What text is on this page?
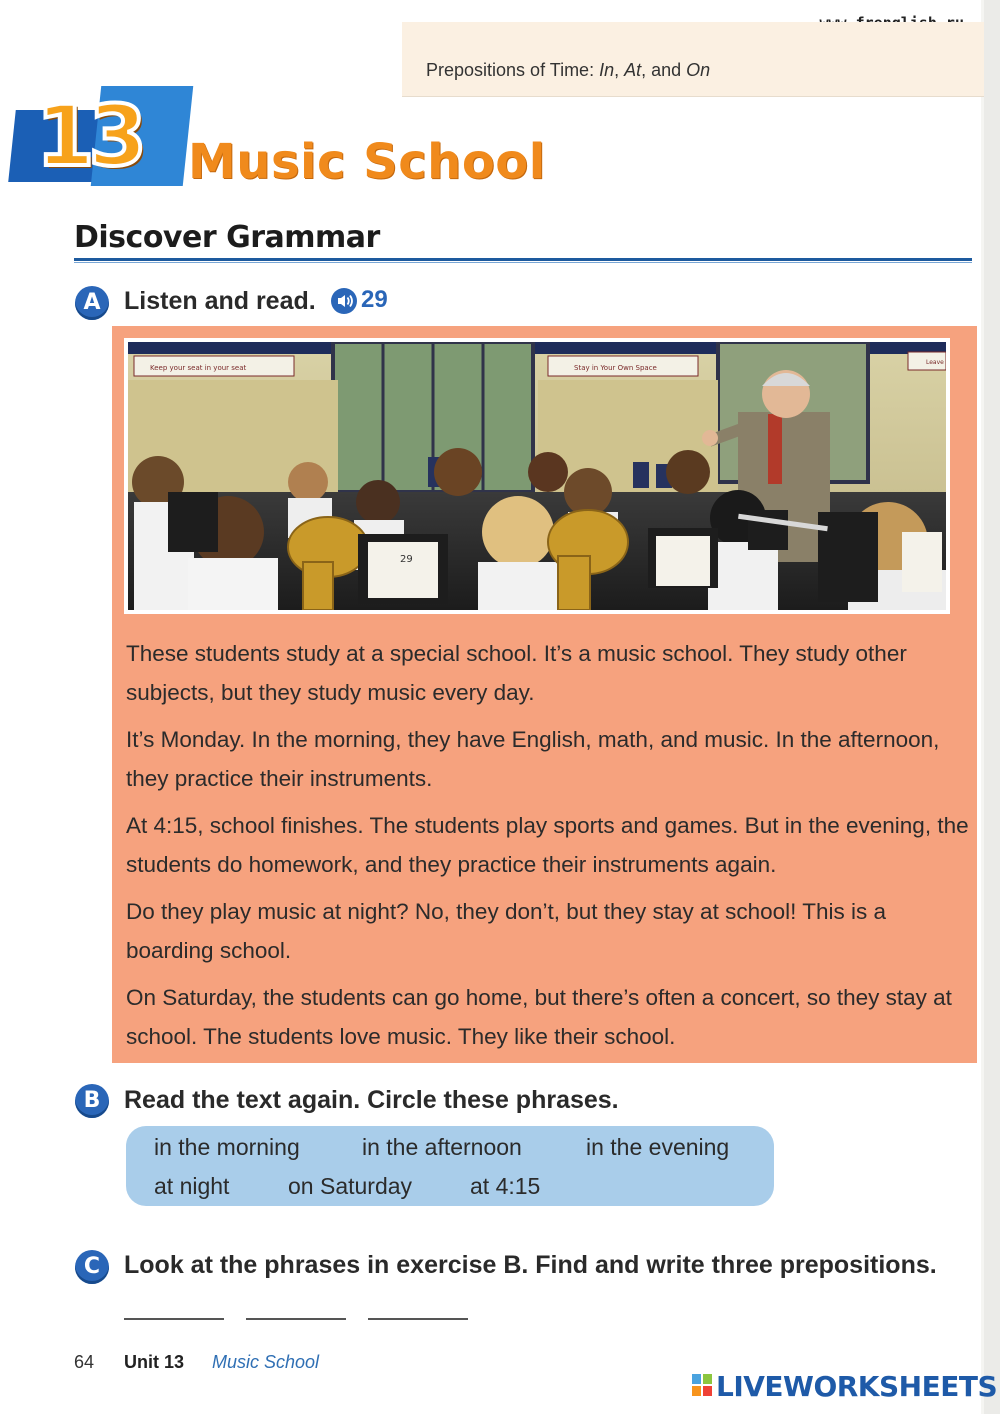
Prepositions of Time: In, At, and On
13 Music School
Discover Grammar
A Listen and read. 29
Keep your seat in your seat	Stay in Your Own Space
Leave
29

These students study at a special school. It’s a music school. They study other subjects, but they study music every day.

It’s Monday. In the morning, they have English, math, and music. In the afternoon, they practice their instruments.

At 4:15, school finishes. The students play sports and games. But in the evening, the students do homework, and they practice their instruments again.

Do they play music at night? No, they don’t, but they stay at school! This is a boarding school.

On Saturday, the students can go home, but there’s often a concert, so they stay at school. The students love music. They like their school.

B Read the text again. Circle these phrases.
in the morning	in the afternoon	in the evening
at night	on Saturday	at 4:15
C Look at the phrases in exercise B. Find and write three prepositions.
64 Unit 13 Music School
LIVEWORKSHEETS
